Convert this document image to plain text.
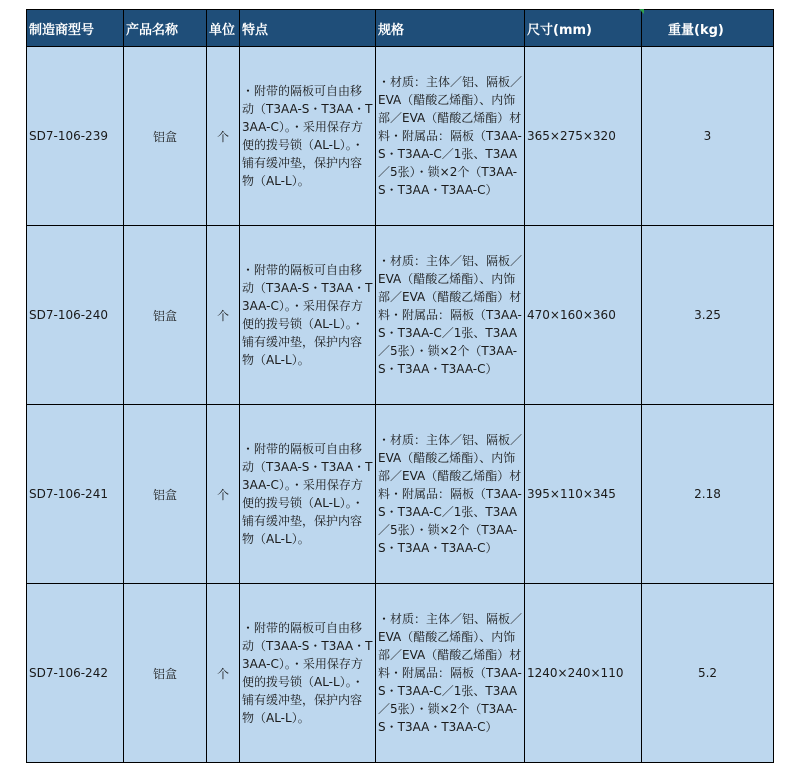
制造商型号	产品名称	单位	特点	规格	尺寸(mm)	重量(kg)
SD7-106-239	铝盒	个	・附带的隔板可自由移动（T3AA-S・T3AA・T3AA-C）。・采用保存方便的拨号锁（AL-L）。・铺有缓冲垫，保护内容物（AL-L）。	・材质：主体／铝、隔板／EVA（醋酸乙烯酯）、内饰部／EVA（醋酸乙烯酯）材料・附属品：隔板（T3AA-S・T3AA-C／1张、T3AA／5张）・锁×2个（T3AA-S・T3AA・T3AA-C）	365×275×320	3
SD7-106-240	铝盒	个	・附带的隔板可自由移动（T3AA-S・T3AA・T3AA-C）。・采用保存方便的拨号锁（AL-L）。・铺有缓冲垫，保护内容物（AL-L）。	・材质：主体／铝、隔板／EVA（醋酸乙烯酯）、内饰部／EVA（醋酸乙烯酯）材料・附属品：隔板（T3AA-S・T3AA-C／1张、T3AA／5张）・锁×2个（T3AA-S・T3AA・T3AA-C）	470×160×360	3.25
SD7-106-241	铝盒	个	・附带的隔板可自由移动（T3AA-S・T3AA・T3AA-C）。・采用保存方便的拨号锁（AL-L）。・铺有缓冲垫，保护内容物（AL-L）。	・材质：主体／铝、隔板／EVA（醋酸乙烯酯）、内饰部／EVA（醋酸乙烯酯）材料・附属品：隔板（T3AA-S・T3AA-C／1张、T3AA／5张）・锁×2个（T3AA-S・T3AA・T3AA-C）	395×110×345	2.18
SD7-106-242	铝盒	个	・附带的隔板可自由移动（T3AA-S・T3AA・T3AA-C）。・采用保存方便的拨号锁（AL-L）。・铺有缓冲垫，保护内容物（AL-L）。	・材质：主体／铝、隔板／EVA（醋酸乙烯酯）、内饰部／EVA（醋酸乙烯酯）材料・附属品：隔板（T3AA-S・T3AA-C／1张、T3AA／5张）・锁×2个（T3AA-S・T3AA・T3AA-C）	1240×240×110	5.2
